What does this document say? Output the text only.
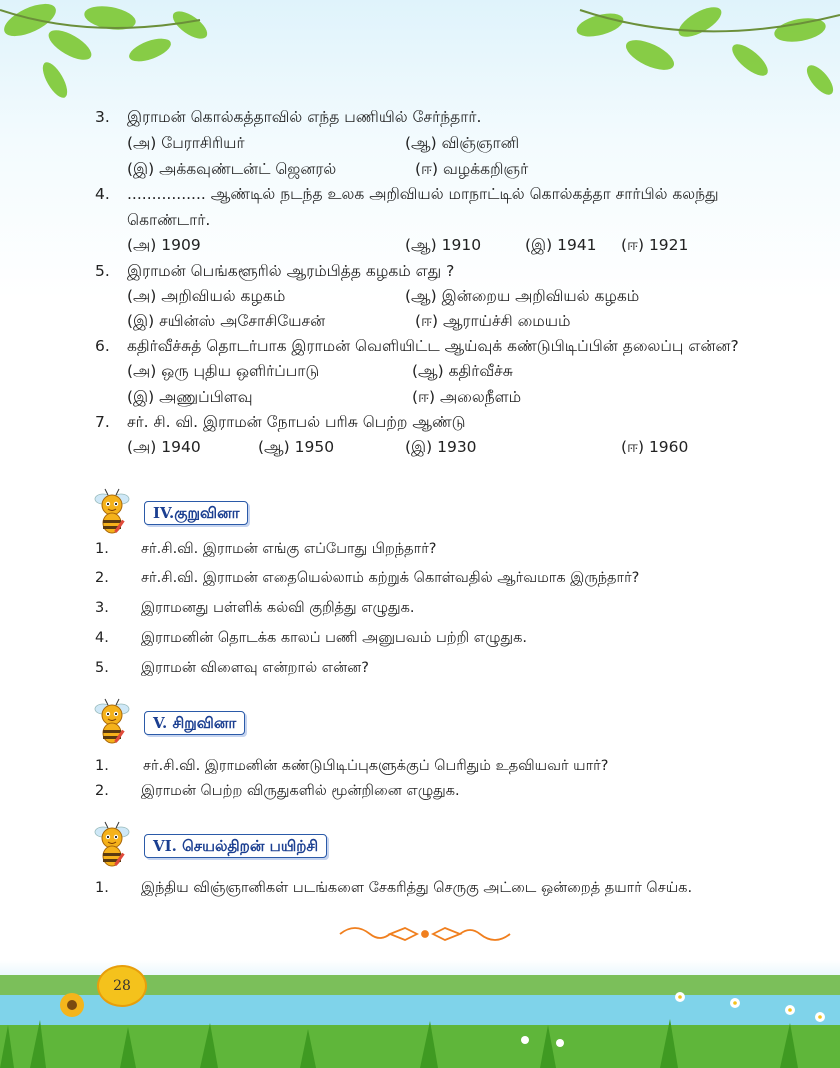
3. இராமன் கொல்கத்தாவில் எந்த பணியில் சேர்ந்தார்.
(அ) பேராசிரியர்	(ஆ) விஞ்ஞானி
(இ) அக்கவுண்டன்ட் ஜெனரல்	(ஈ) வழக்கறிஞர்
4. ................ ஆண்டில் நடந்த உலக அறிவியல் மாநாட்டில் கொல்கத்தா சார்பில் கலந்து
கொண்டார்.
(அ) 1909	(ஆ) 1910	(இ) 1941 (ஈ) 1921
5. இராமன் பெங்களூரில் ஆரம்பித்த கழகம் எது ?
(அ) அறிவியல் கழகம்	(ஆ) இன்றைய அறிவியல் கழகம்
(இ) சயின்ஸ் அசோசியேசன்	(ஈ) ஆராய்ச்சி மையம்
6. கதிர்வீச்சுத் தொடர்பாக இராமன் வெளியிட்ட ஆய்வுக் கண்டுபிடிப்பின் தலைப்பு என்ன?
(அ) ஒரு புதிய ஒளிர்ப்பாடு	(ஆ) கதிர்வீச்சு
(இ) அணுப்பிளவு	(ஈ) அலைநீளம்
7. சர். சி. வி. இராமன் நோபல் பரிசு பெற்ற ஆண்டு
(அ) 1940	(ஆ) 1950	(இ) 1930	(ஈ) 1960
IV.குறுவினா
1. சர்.சி.வி. இராமன் எங்கு எப்போது பிறந்தார்?
2. சர்.சி.வி. இராமன் எதையெல்லாம் கற்றுக் கொள்வதில் ஆர்வமாக இருந்தார்?
3. இராமனது பள்ளிக் கல்வி குறித்து எழுதுக.
4. இராமனின் தொடக்க காலப் பணி அனுபவம் பற்றி எழுதுக.
5. இராமன் விளைவு என்றால் என்ன?
V. சிறுவினா
1. சர்.சி.வி. இராமனின் கண்டுபிடிப்புகளுக்குப் பெரிதும் உதவியவர் யார்?
2. இராமன் பெற்ற விருதுகளில் மூன்றினை எழுதுக.
VI. செயல்திறன் பயிற்சி
1. இந்திய விஞ்ஞானிகள் படங்களை சேகரித்து செருகு அட்டை ஒன்றைத் தயார் செய்க.
28
